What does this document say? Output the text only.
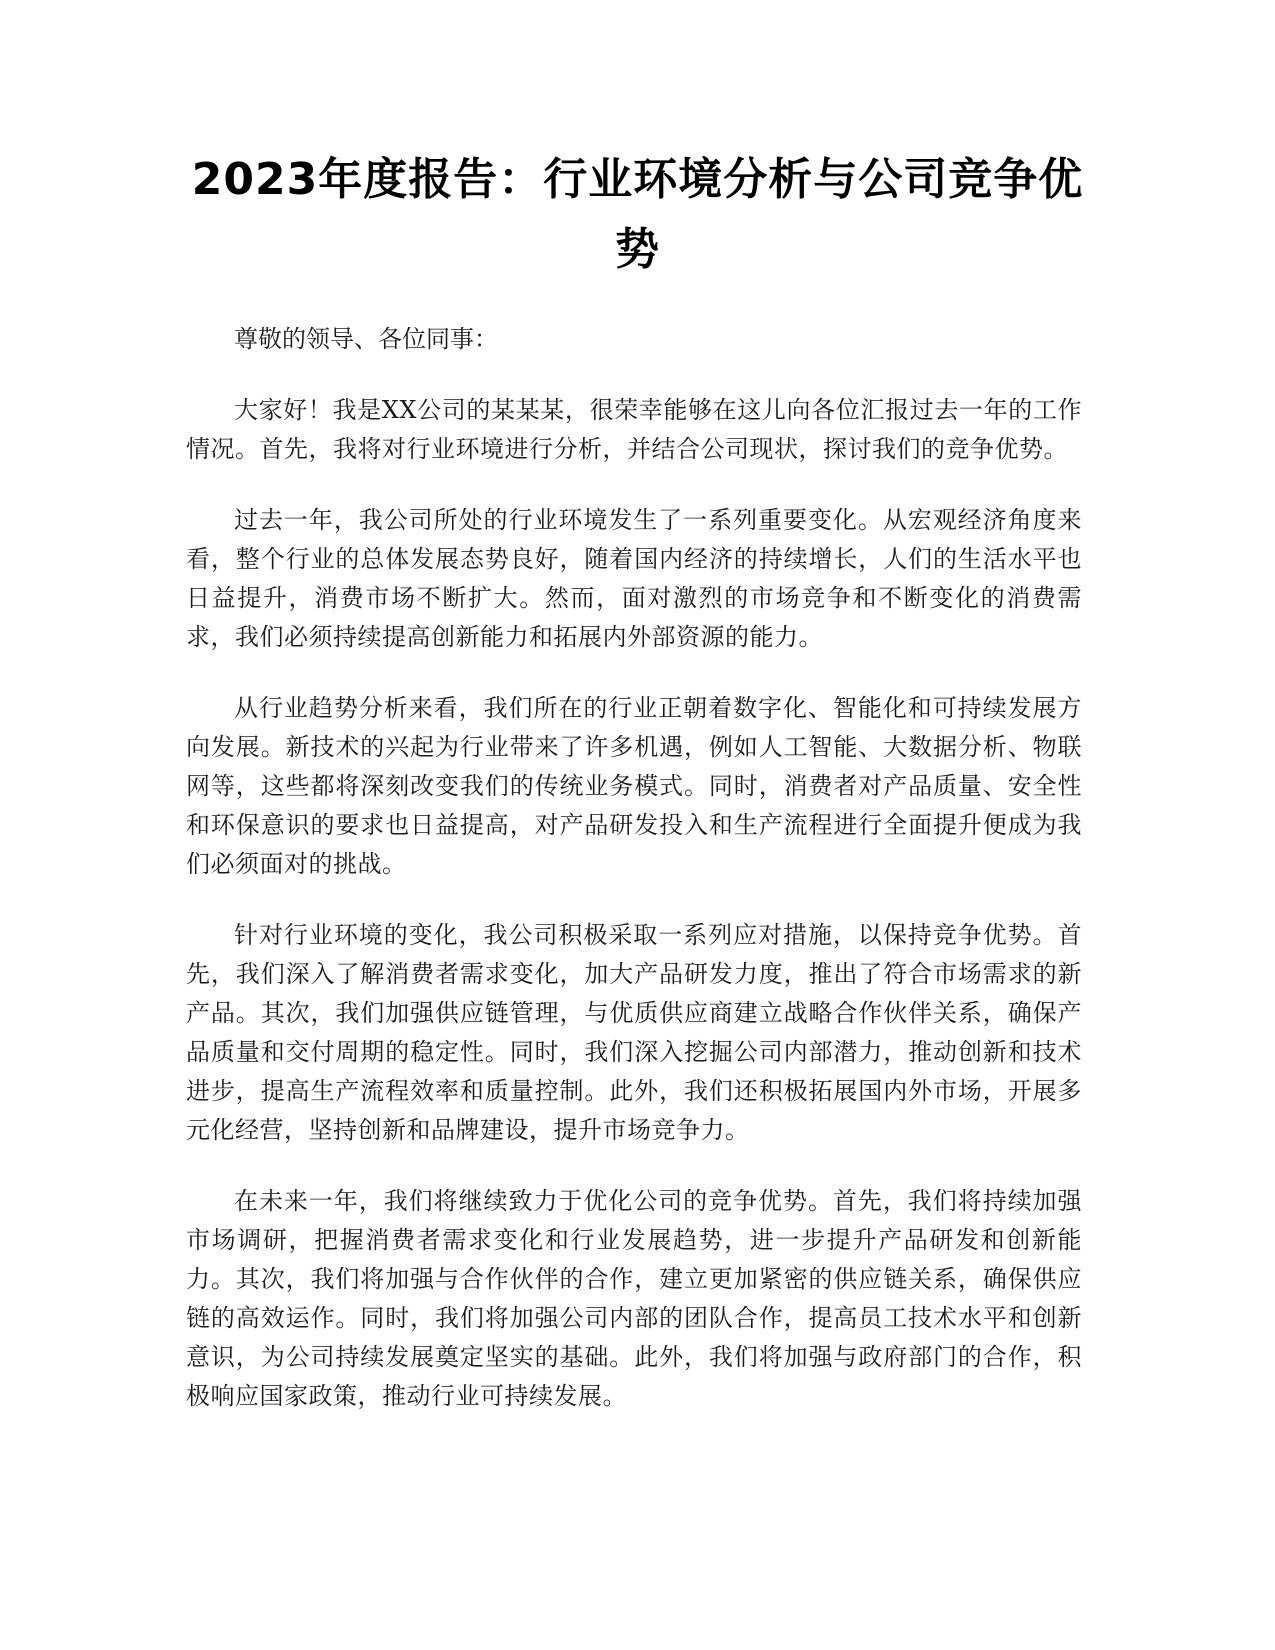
2023年度报告：行业环境分析与公司竞争优势

尊敬的领导、各位同事：

大家好！我是XX公司的某某某，很荣幸能够在这儿向各位汇报过去一年的工作情况。首先，我将对行业环境进行分析，并结合公司现状，探讨我们的竞争优势。

过去一年，我公司所处的行业环境发生了一系列重要变化。从宏观经济角度来看，整个行业的总体发展态势良好，随着国内经济的持续增长，人们的生活水平也日益提升，消费市场不断扩大。然而，面对激烈的市场竞争和不断变化的消费需求，我们必须持续提高创新能力和拓展内外部资源的能力。

从行业趋势分析来看，我们所在的行业正朝着数字化、智能化和可持续发展方向发展。新技术的兴起为行业带来了许多机遇，例如人工智能、大数据分析、物联网等，这些都将深刻改变我们的传统业务模式。同时，消费者对产品质量、安全性和环保意识的要求也日益提高，对产品研发投入和生产流程进行全面提升便成为我们必须面对的挑战。

针对行业环境的变化，我公司积极采取一系列应对措施，以保持竞争优势。首先，我们深入了解消费者需求变化，加大产品研发力度，推出了符合市场需求的新产品。其次，我们加强供应链管理，与优质供应商建立战略合作伙伴关系，确保产品质量和交付周期的稳定性。同时，我们深入挖掘公司内部潜力，推动创新和技术进步，提高生产流程效率和质量控制。此外，我们还积极拓展国内外市场，开展多元化经营，坚持创新和品牌建设，提升市场竞争力。

在未来一年，我们将继续致力于优化公司的竞争优势。首先，我们将持续加强市场调研，把握消费者需求变化和行业发展趋势，进一步提升产品研发和创新能力。其次，我们将加强与合作伙伴的合作，建立更加紧密的供应链关系，确保供应链的高效运作。同时，我们将加强公司内部的团队合作，提高员工技术水平和创新意识，为公司持续发展奠定坚实的基础。此外，我们将加强与政府部门的合作，积极响应国家政策，推动行业可持续发展。
